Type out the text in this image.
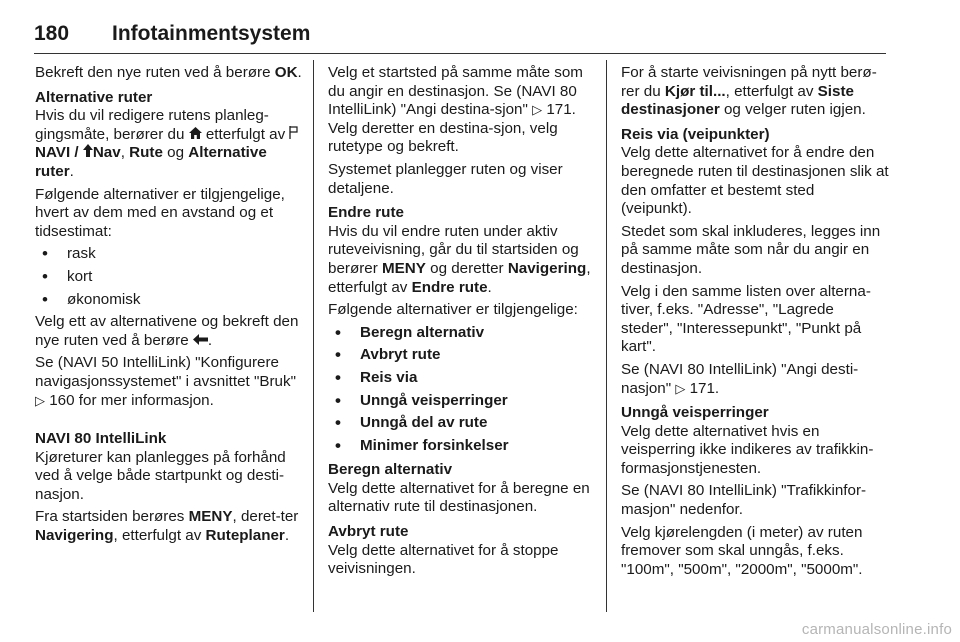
180 Infotainmentsystem

Bekreft den nye ruten ved å berøre OK.

Alternative ruter

Hvis du vil redigere rutens planleg-gingsmåte, berører du  etterfulgt av NAVI / Nav, Rute og Alternative ruter.

Følgende alternativer er tilgjengelige, hvert av dem med en avstand og et tidsestimat:

• rask
• kort
• økonomisk

Velg ett av alternativene og bekreft den nye ruten ved å berøre .

Se (NAVI 50 IntelliLink) "Konfigurere navigasjonssystemet" i avsnittet "Bruk" ▷ 160 for mer informasjon.

NAVI 80 IntelliLink

Kjøreturer kan planlegges på forhånd ved å velge både startpunkt og desti-nasjon.

Fra startsiden berøres MENY, deret-ter Navigering, etterfulgt av Ruteplaner.

Velg et startsted på samme måte som du angir en destinasjon. Se (NAVI 80 IntelliLink) "Angi destina-sjon" ▷ 171. Velg deretter en destina-sjon, velg rutetype og bekreft.

Systemet planlegger ruten og viser detaljene.

Endre rute

Hvis du vil endre ruten under aktiv ruteveivisning, går du til startsiden og berører MENY og deretter Navigering, etterfulgt av Endre rute.

Følgende alternativer er tilgjengelige:

• Beregn alternativ
• Avbryt rute
• Reis via
• Unngå veisperringer
• Unngå del av rute
• Minimer forsinkelser

Beregn alternativ

Velg dette alternativet for å beregne en alternativ rute til destinasjonen.

Avbryt rute

Velg dette alternativet for å stoppe veivisningen.

For å starte veivisningen på nytt berø-rer du Kjør til..., etterfulgt av Siste destinasjoner og velger ruten igjen.

Reis via (veipunkter)

Velg dette alternativet for å endre den beregnede ruten til destinasjonen slik at den omfatter et bestemt sted (veipunkt).

Stedet som skal inkluderes, legges inn på samme måte som når du angir en destinasjon.

Velg i den samme listen over alterna-tiver, f.eks. "Adresse", "Lagrede steder", "Interessepunkt", "Punkt på kart".

Se (NAVI 80 IntelliLink) "Angi desti-nasjon" ▷ 171.

Unngå veisperringer

Velg dette alternativet hvis en veisperring ikke indikeres av trafikkin-formasjonstjenesten.

Se (NAVI 80 IntelliLink) "Trafikkinfor-masjon" nedenfor.

Velg kjørelengden (i meter) av ruten fremover som skal unngås, f.eks. "100m", "500m", "2000m", "5000m".

carmanualsonline.info
